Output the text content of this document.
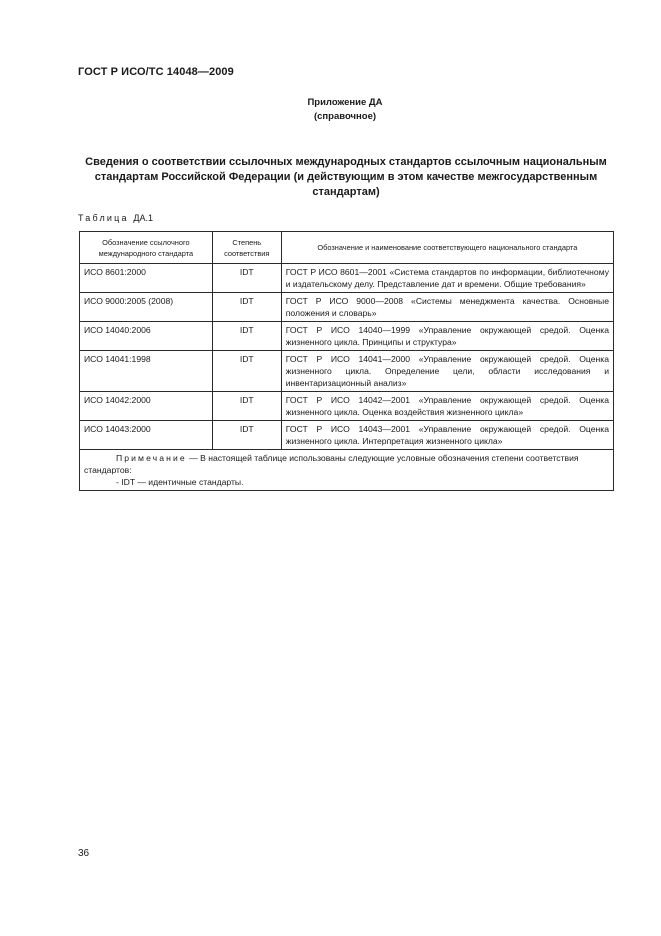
ГОСТ Р ИСО/ТС 14048—2009
Приложение ДА
(справочное)
Сведения о соответствии ссылочных международных стандартов ссылочным национальным
стандартам Российской Федерации (и действующим в этом качестве межгосударственным
стандартам)
Таблица ДА.1
Обозначение ссылочного международного стандарта	Степень соответствия	Обозначение и наименование соответствующего национального стандарта
ИСО 8601:2000	IDT	ГОСТ Р ИСО 8601—2001 «Система стандартов по информации, библиотечному и издательскому делу. Представление дат и времени. Общие требования»
ИСО 9000:2005 (2008)	IDT	ГОСТ Р ИСО 9000—2008 «Системы менеджмента качества. Основные положения и словарь»
ИСО 14040:2006	IDT	ГОСТ Р ИСО 14040—1999 «Управление окружающей средой. Оценка жизненного цикла. Принципы и структура»
ИСО 14041:1998	IDT	ГОСТ Р ИСО 14041—2000 «Управление окружающей средой. Оценка жизненного цикла. Определение цели, области исследования и инвентаризационный анализ»
ИСО 14042:2000	IDT	ГОСТ Р ИСО 14042—2001 «Управление окружающей средой. Оценка жизненного цикла. Оценка воздействия жизненного цикла»
ИСО 14043:2000	IDT	ГОСТ Р ИСО 14043—2001 «Управление окружающей средой. Оценка жизненного цикла. Интерпретация жизненного цикла»

Примечание — В настоящей таблице использованы следующие условные обозначения степени соответствия стандартов:
- IDT — идентичные стандарты.		
36
